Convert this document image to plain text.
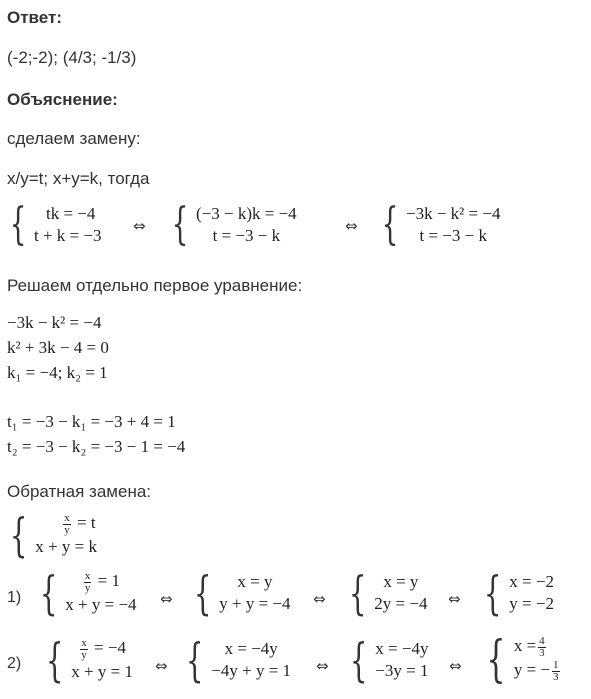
Ответ:
(-2;-2); (4/3; -1/3)
Объяснение:
сделаем замену:
x/y=t; x+y=k, тогда
{	tk = −4
t + k = −3 ⇔ { (−3 − k)k = −4
t = −3 − k	⇔ { −3k − k² = −4
t = −3 − k
Решаем отдельно первое уравнение:
−3k − k² = −4
k² + 3k − 4 = 0
k₁ = −4; k₂ = 1
t₁ = −3 − k₁ = −3 + 4 = 1
t₂ = −3 − k₂ = −3 − 1 = −4
Обратная замена:
{	$\frac{x}{y} = t$
x + y = k
1) { $\frac{x}{y} = 1$
x + y = −4 ⇔ { x = y
y + y = −4 ⇔ { x = y
2y = −4 ⇔ { x = −2
y = −2
2) { $\frac{x}{y} = -4$
x + y = 1 ⇔ { x = −4y
−4y + y = 1 ⇔ { x = −4y
−3y = 1 ⇔ { $x = \frac{4}{3}$
y = − $\frac{1}{3}$
